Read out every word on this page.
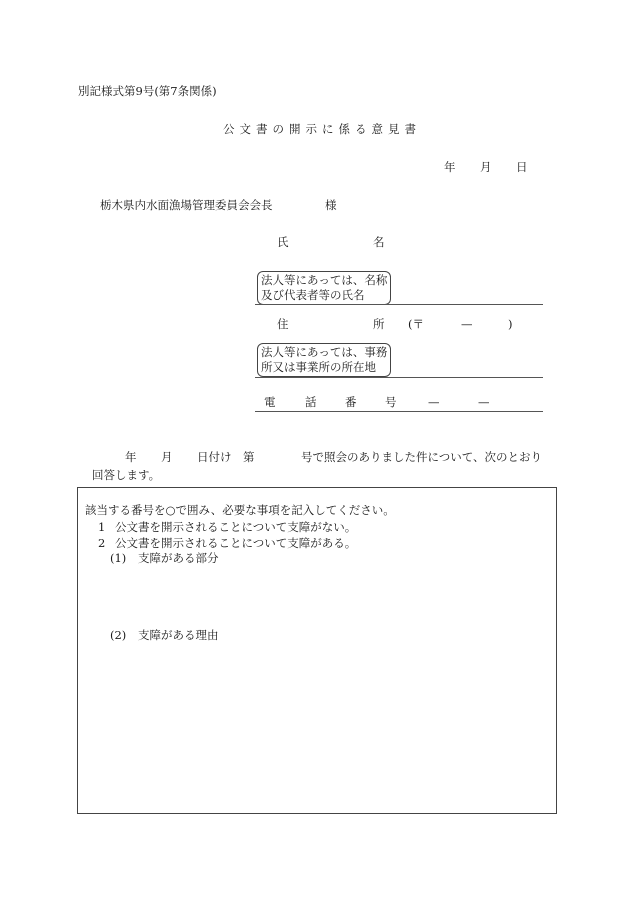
別記様式第9号(第7条関係)
公文書の開示に係る意見書
年 月 日
栃木県内水面漁場管理委員会会長	様
氏	名
法人等にあっては、名称
及び代表者等の氏名
住	所 (〒	—	)
法人等にあっては、事務
所又は事業所の所在地
電	話 番 号	—	—
年 月 日付け 第	号で照会のありました件について、次のとおり
回答します。
該当する番号を○で囲み、必要な事項を記入してください。
1 公文書を開示されることについて支障がない。
2 公文書を開示されることについて支障がある。
(1) 支障がある部分
(2) 支障がある理由
